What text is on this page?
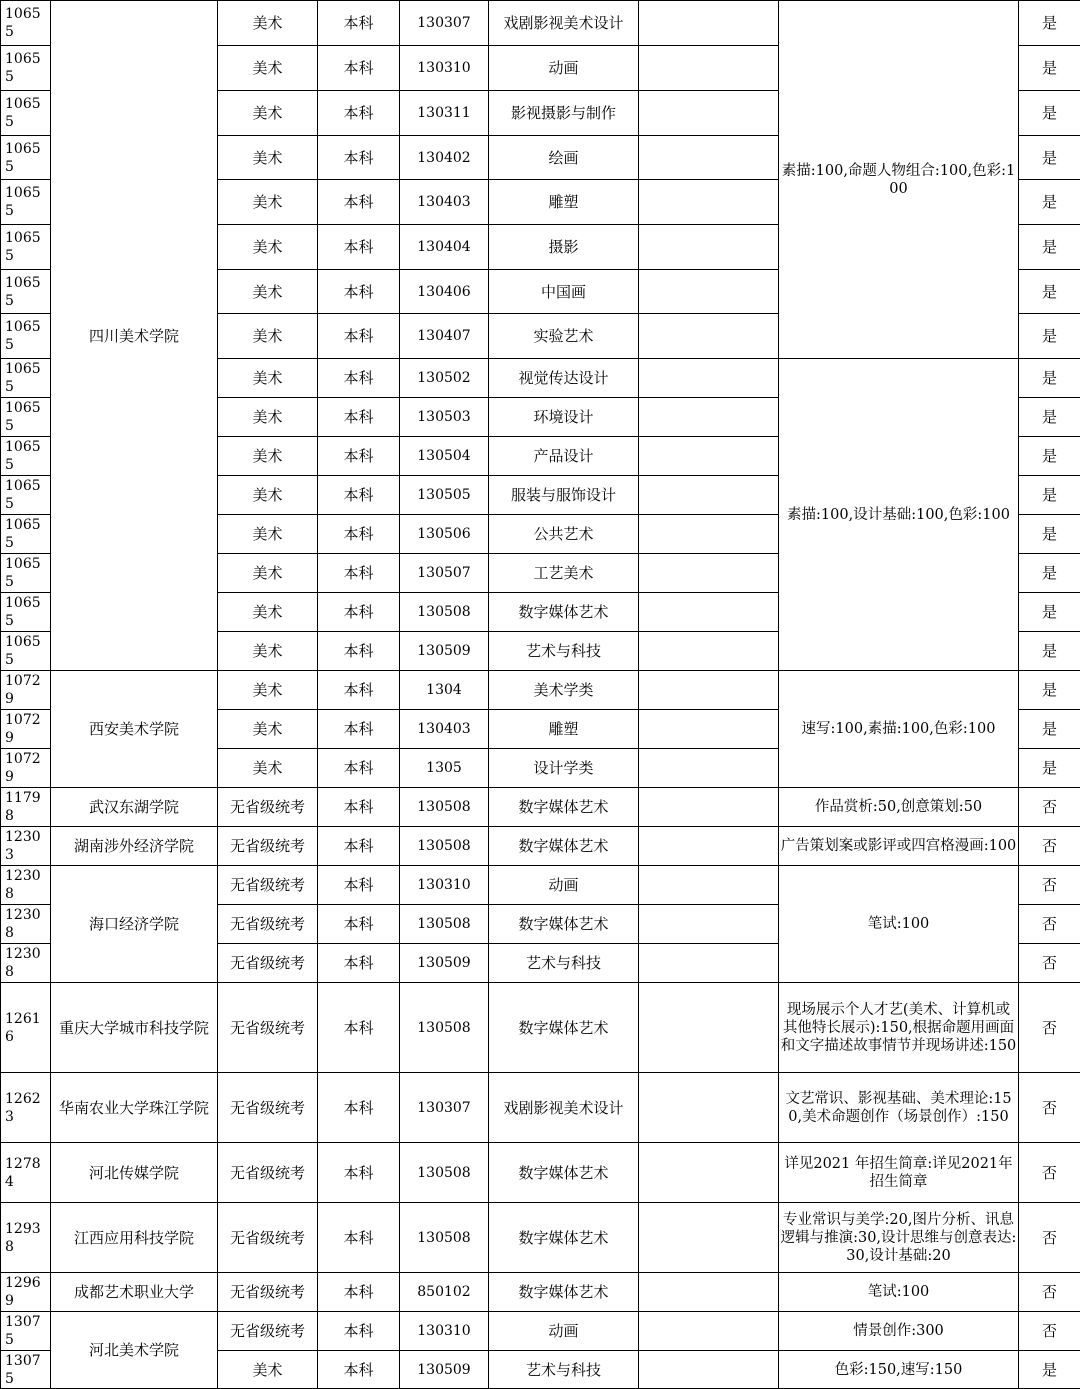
10655	四川美术学院	美术	本科	130307	戏剧影视美术设计		素描:100,命题人物组合:100,色彩:100	是
10655		美术	本科	130310	动画			是
10655		美术	本科	130311	影视摄影与制作			是
10655		美术	本科	130402	绘画			是
10655		美术	本科	130403	雕塑			是
10655		美术	本科	130404	摄影			是
10655		美术	本科	130406	中国画			是
10655		美术	本科	130407	实验艺术			是
10655		美术	本科	130502	视觉传达设计		素描:100,设计基础:100,色彩:100	是
10655		美术	本科	130503	环境设计			是
10655		美术	本科	130504	产品设计			是
10655		美术	本科	130505	服装与服饰设计			是
10655		美术	本科	130506	公共艺术			是
10655		美术	本科	130507	工艺美术			是
10655		美术	本科	130508	数字媒体艺术			是
10655		美术	本科	130509	艺术与科技			是
10729	西安美术学院	美术	本科	1304	美术学类		速写:100,素描:100,色彩:100	是
10729		美术	本科	130403	雕塑			是
10729		美术	本科	1305	设计学类			是
11798	武汉东湖学院	无省级统考	本科	130508	数字媒体艺术		作品赏析:50,创意策划:50	否
12303	湖南涉外经济学院	无省级统考	本科	130508	数字媒体艺术		广告策划案或影评或四宫格漫画:100	否
12308	海口经济学院	无省级统考	本科	130310	动画		笔试:100	否
12308		无省级统考	本科	130508	数字媒体艺术			否
12308		无省级统考	本科	130509	艺术与科技			否
12616	重庆大学城市科技学院	无省级统考	本科	130508	数字媒体艺术		现场展示个人才艺(美术、计算机或其他特长展示):150,根据命题用画面和文字描述故事情节并现场讲述:150	否
12623	华南农业大学珠江学院	无省级统考	本科	130307	戏剧影视美术设计		文艺常识、影视基础、美术理论:150,美术命题创作（场景创作）:150	否
12784	河北传媒学院	无省级统考	本科	130508	数字媒体艺术		详见2021 年招生简章:详见2021年招生简章	否
12938	江西应用科技学院	无省级统考	本科	130508	数字媒体艺术		专业常识与美学:20,图片分析、讯息逻辑与推演:30,设计思维与创意表达:30,设计基础:20	否
12969	成都艺术职业大学	无省级统考	本科	850102	数字媒体艺术		笔试:100	否
13075	河北美术学院	无省级统考	本科	130310	动画		情景创作:300	否
13075		美术	本科	130509	艺术与科技		色彩:150,速写:150	是
